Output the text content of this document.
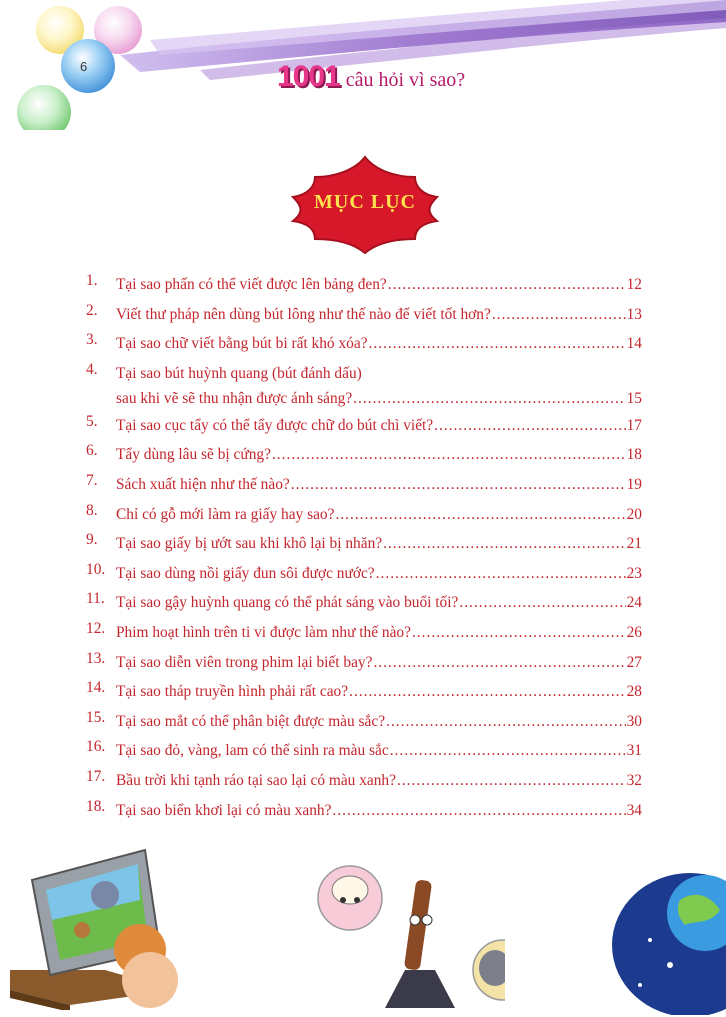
6	1001 câu hỏi vì sao?
MỤC LỤC
1.	Tại sao phấn có thể viết được lên bảng đen? .....	12
2.	Viết thư pháp nên dùng bút lông như thế nào để viết tốt hơn? .....	13
3.	Tại sao chữ viết bằng bút bi rất khó xóa? .....	14
4.	Tại sao bút huỳnh quang (bút đánh dấu)
sau khi vẽ sẽ thu nhận được ánh sáng? .....	15
5.	Tại sao cục tẩy có thể tẩy được chữ do bút chì viết? .....	17
6.	Tẩy dùng lâu sẽ bị cứng? .....	18
7.	Sách xuất hiện như thế nào? .....	19
8.	Chỉ có gỗ mới làm ra giấy hay sao? .....	20
9.	Tại sao giấy bị ướt sau khi khô lại bị nhăn? .....	21
10. Tại sao dùng nồi giấy đun sôi được nước? .....	23
11. Tại sao gậy huỳnh quang có thể phát sáng vào buổi tối? .....	24
12. Phim hoạt hình trên ti vi được làm như thế nào? .....	26
13. Tại sao diễn viên trong phim lại biết bay? .....	27
14. Tại sao tháp truyền hình phải rất cao? .....	28
15. Tại sao mắt có thể phân biệt được màu sắc? .....	30
16. Tại sao đỏ, vàng, lam có thể sinh ra màu sắc .....	31
17. Bầu trời khi tạnh ráo tại sao lại có màu xanh? .....	32
18. Tại sao biển khơi lại có màu xanh? .....	34
